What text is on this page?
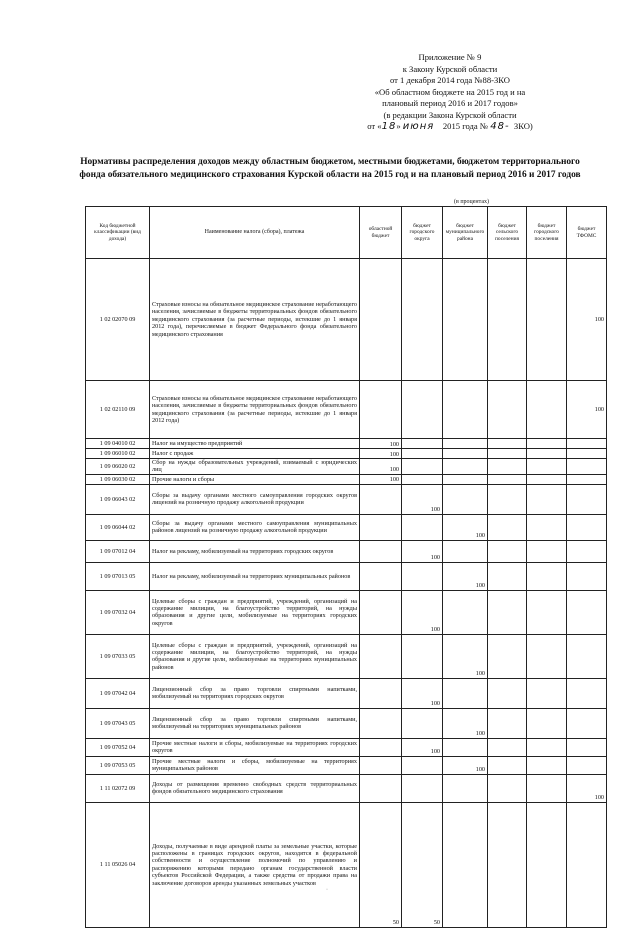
Приложение № 9
к Закону Курской области
от 1 декабря 2014 года №88-ЗКО
«Об областном бюджете на 2015 год и на
плановый период 2016 и 2017 годов»
(в редакции Закона Курской области
от «18» июня 2015 года № 48- ЗКО)
Нормативы распределения доходов между областным бюджетом, местными бюджетами, бюджетом территориального фонда обязательного медицинского страхования Курской области на 2015 год и на плановый период 2016 и 2017 годов
(в процентах)
Код бюджетной классификации (вид дохода)	Наименование налога (сбора), платежа	областной бюджет	бюджет городского округа	бюджет муниципального района	бюджет сельского поселения	бюджет городского поселения	бюджет ТФОМС
1 02 02070 09	Страховые взносы на обязательное медицинское страхование неработающего населения, зачисляемые в бюджеты территориальных фондов обязательного медицинского страхования (за расчетные периоды, истекшие до 1 января 2012 года), перечисляемые в бюджет Федерального фонда обязательного медицинского страхования						100
1 02 02110 09	Страховые взносы на обязательное медицинское страхование неработающего населения, зачисляемые в бюджеты территориальных фондов обязательного медицинского страхования (за расчетные периоды, истекшие до 1 января 2012 года)						100
1 09 04010 02	Налог на имущество предприятий	100					
1 09 06010 02	Налог с продаж	100					
1 09 06020 02	Сбор на нужды образовательных учреждений, взимаемый с юридических лиц	100					
1 09 06030 02	Прочие налоги и сборы	100					
1 09 06043 02	Сборы за выдачу органами местного самоуправления городских округов лицензий на розничную продажу алкогольной продукции		100				
1 09 06044 02	Сборы за выдачу органами местного самоуправления муниципальных районов лицензий на розничную продажу алкогольной продукции			100			
1 09 07012 04	Налог на рекламу, мобилизуемый на территориях городских округов		100				
1 09 07013 05	Налог на рекламу, мобилизуемый на территориях муниципальных районов			100			
1 09 07032 04	Целевые сборы с граждан и предприятий, учреждений, организаций на содержание милиции, на благоустройство территорий, на нужды образования и другие цели, мобилизуемые на территориях городских округов		100				
1 09 07033 05	Целевые сборы с граждан и предприятий, учреждений, организаций на содержание милиции, на благоустройство территорий, на нужды образования и другие цели, мобилизуемые на территориях муниципальных районов			100			
1 09 07042 04	Лицензионный сбор за право торговли спиртными напитками, мобилизуемый на территориях городских округов		100				
1 09 07043 05	Лицензионный сбор за право торговли спиртными напитками, мобилизуемый на территориях муниципальных районов			100			
1 09 07052 04	Прочие местные налоги и сборы, мобилизуемые на территориях городских округов		100				
1 09 07053 05	Прочие местные налоги и сборы, мобилизуемые на территориях муниципальных районов			100			
1 11 02072 09	Доходы от размещения временно свободных средств территориальных фондов обязательного медицинского страхования						100
1 11 05026 04	Доходы, получаемые в виде арендной платы за земельные участки, которые расположены в границах городских округов, находятся в федеральной собственности и осуществление полномочий по управлению и распоряжению которыми передано органам государственной власти субъектов Российской Федерации, а также средства от продажи права на заключение договоров аренды указанных земельных участков	50	50				
·
